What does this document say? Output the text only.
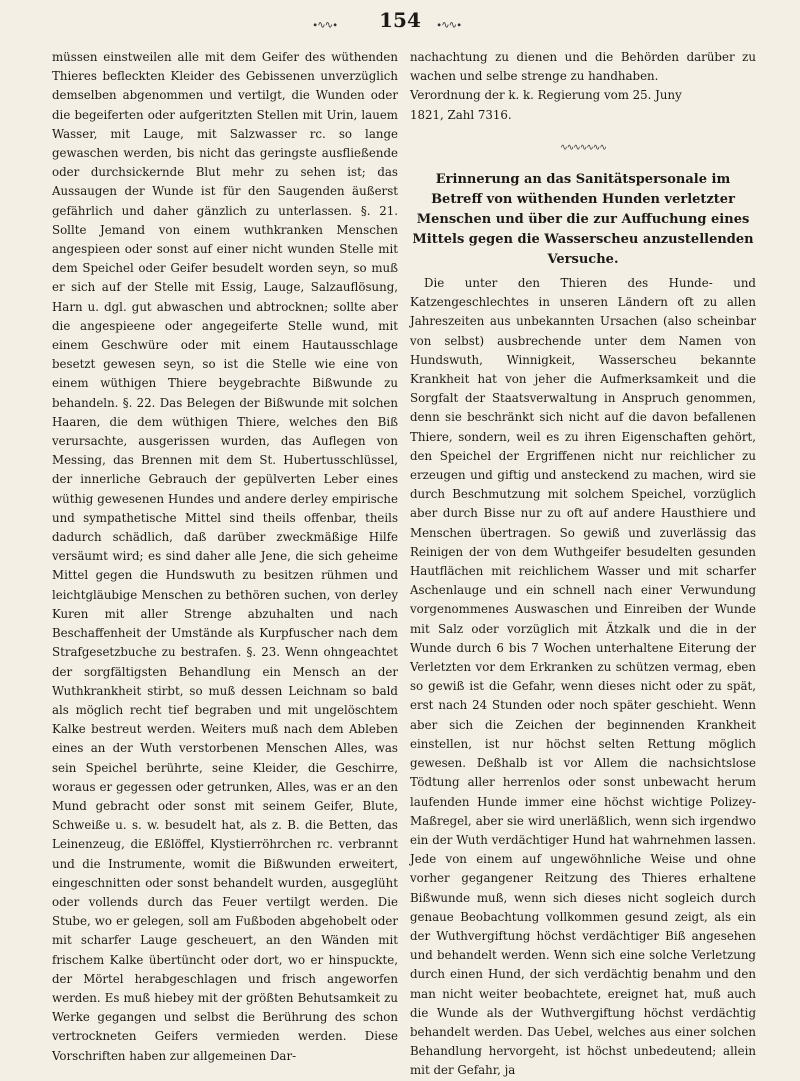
∙∿∿∙	154	∙∿∿∙

müssen einstweilen alle mit dem Geifer des wüthenden Thieres befleckten Kleider des Gebissenen unverzüglich demselben abgenommen und vertilgt, die Wunden oder die begeiferten oder aufgeritzten Stellen mit Urin, lauem Wasser, mit Lauge, mit Salzwasser rc. so lange gewaschen werden, bis nicht das geringste ausfließende oder durchsickernde Blut mehr zu sehen ist; das Aussaugen der Wunde ist für den Saugenden äußerst gefährlich und daher gänzlich zu unterlassen. §. 21. Sollte Jemand von einem wuthkranken Menschen angespieen oder sonst auf einer nicht wunden Stelle mit dem Speichel oder Geifer besudelt worden seyn, so muß er sich auf der Stelle mit Essig, Lauge, Salzauflösung, Harn u. dgl. gut abwaschen und abtrocknen; sollte aber die angespieene oder angegeiferte Stelle wund, mit einem Geschwüre oder mit einem Hautausschlage besetzt gewesen seyn, so ist die Stelle wie eine von einem wüthigen Thiere beygebrachte Bißwunde zu behandeln. §. 22. Das Belegen der Bißwunde mit solchen Haaren, die dem wüthigen Thiere, welches den Biß verursachte, ausgerissen wurden, das Auflegen von Messing, das Brennen mit dem St. Hubertusschlüssel, der innerliche Gebrauch der gepülverten Leber eines wüthig gewesenen Hundes und andere derley empirische und sympathetische Mittel sind theils offenbar, theils dadurch schädlich, daß darüber zweckmäßige Hilfe versäumt wird; es sind daher alle Jene, die sich geheime Mittel gegen die Hundswuth zu besitzen rühmen und leichtgläubige Menschen zu bethören suchen, von derley Kuren mit aller Strenge abzuhalten und nach Beschaffenheit der Umstände als Kurpfuscher nach dem Strafgesetzbuche zu bestrafen. §. 23. Wenn ohngeachtet der sorgfältigsten Behandlung ein Mensch an der Wuthkrankheit stirbt, so muß dessen Leichnam so bald als möglich recht tief begraben und mit ungelöschtem Kalke bestreut werden. Weiters muß nach dem Ableben eines an der Wuth verstorbenen Menschen Alles, was sein Speichel berührte, seine Kleider, die Geschirre, woraus er gegessen oder getrunken, Alles, was er an den Mund gebracht oder sonst mit seinem Geifer, Blute, Schweiße u. s. w. besudelt hat, als z. B. die Betten, das Leinenzeug, die Eßlöffel, Klystierröhrchen rc. verbrannt und die Instrumente, womit die Bißwunden erweitert, eingeschnitten oder sonst behandelt wurden, ausgeglüht oder vollends durch das Feuer vertilgt werden. Die Stube, wo er gelegen, soll am Fußboden abgehobelt oder mit scharfer Lauge gescheuert, an den Wänden mit frischem Kalke übertüncht oder dort, wo er hinspuckte, der Mörtel herabgeschlagen und frisch angeworfen werden. Es muß hiebey mit der größten Behutsamkeit zu Werke gegangen und selbst die Berührung des schon vertrockneten Geifers vermieden werden. Diese Vorschriften haben zur allgemeinen Dar-

nachachtung zu dienen und die Behörden darüber zu wachen und selbe strenge zu handhaben.

Verordnung der k. k. Regierung vom 25. Juny
1821, Zahl 7316.

∿∿∿∿∿∿∿
Erinnerung an das Sanitätspersonale im Betreff von wüthenden Hunden verletzter Menschen und über die zur Auffuchung eines Mittels gegen die Wasserscheu anzustellenden Versuche.

Die unter den Thieren des Hunde- und Katzengeschlechtes in unseren Ländern oft zu allen Jahreszeiten aus unbekannten Ursachen (also scheinbar von selbst) ausbrechende unter dem Namen von Hundswuth, Winnigkeit, Wasserscheu bekannte Krankheit hat von jeher die Aufmerksamkeit und die Sorgfalt der Staatsverwaltung in Anspruch genommen, denn sie beschränkt sich nicht auf die davon befallenen Thiere, sondern, weil es zu ihren Eigenschaften gehört, den Speichel der Ergriffenen nicht nur reichlicher zu erzeugen und giftig und ansteckend zu machen, wird sie durch Beschmutzung mit solchem Speichel, vorzüglich aber durch Bisse nur zu oft auf andere Hausthiere und Menschen übertragen. So gewiß und zuverlässig das Reinigen der von dem Wuthgeifer besudelten gesunden Hautflächen mit reichlichem Wasser und mit scharfer Aschenlauge und ein schnell nach einer Verwundung vorgenommenes Auswaschen und Einreiben der Wunde mit Salz oder vorzüglich mit Ätzkalk und die in der Wunde durch 6 bis 7 Wochen unterhaltene Eiterung der Verletzten vor dem Erkranken zu schützen vermag, eben so gewiß ist die Gefahr, wenn dieses nicht oder zu spät, erst nach 24 Stunden oder noch später geschieht. Wenn aber sich die Zeichen der beginnenden Krankheit einstellen, ist nur höchst selten Rettung möglich gewesen. Deßhalb ist vor Allem die nachsichtslose Tödtung aller herrenlos oder sonst unbewacht herum laufenden Hunde immer eine höchst wichtige Polizey-Maßregel, aber sie wird unerläßlich, wenn sich irgendwo ein der Wuth verdächtiger Hund hat wahrnehmen lassen. Jede von einem auf ungewöhnliche Weise und ohne vorher gegangener Reitzung des Thieres erhaltene Bißwunde muß, wenn sich dieses nicht sogleich durch genaue Beobachtung vollkommen gesund zeigt, als ein der Wuthvergiftung höchst verdächtiger Biß angesehen und behandelt werden. Wenn sich eine solche Verletzung durch einen Hund, der sich verdächtig benahm und den man nicht weiter beobachtete, ereignet hat, muß auch die Wunde als der Wuthvergiftung höchst verdächtig behandelt werden. Das Uebel, welches aus einer solchen Behandlung hervorgeht, ist höchst unbedeutend; allein mit der Gefahr, ja
